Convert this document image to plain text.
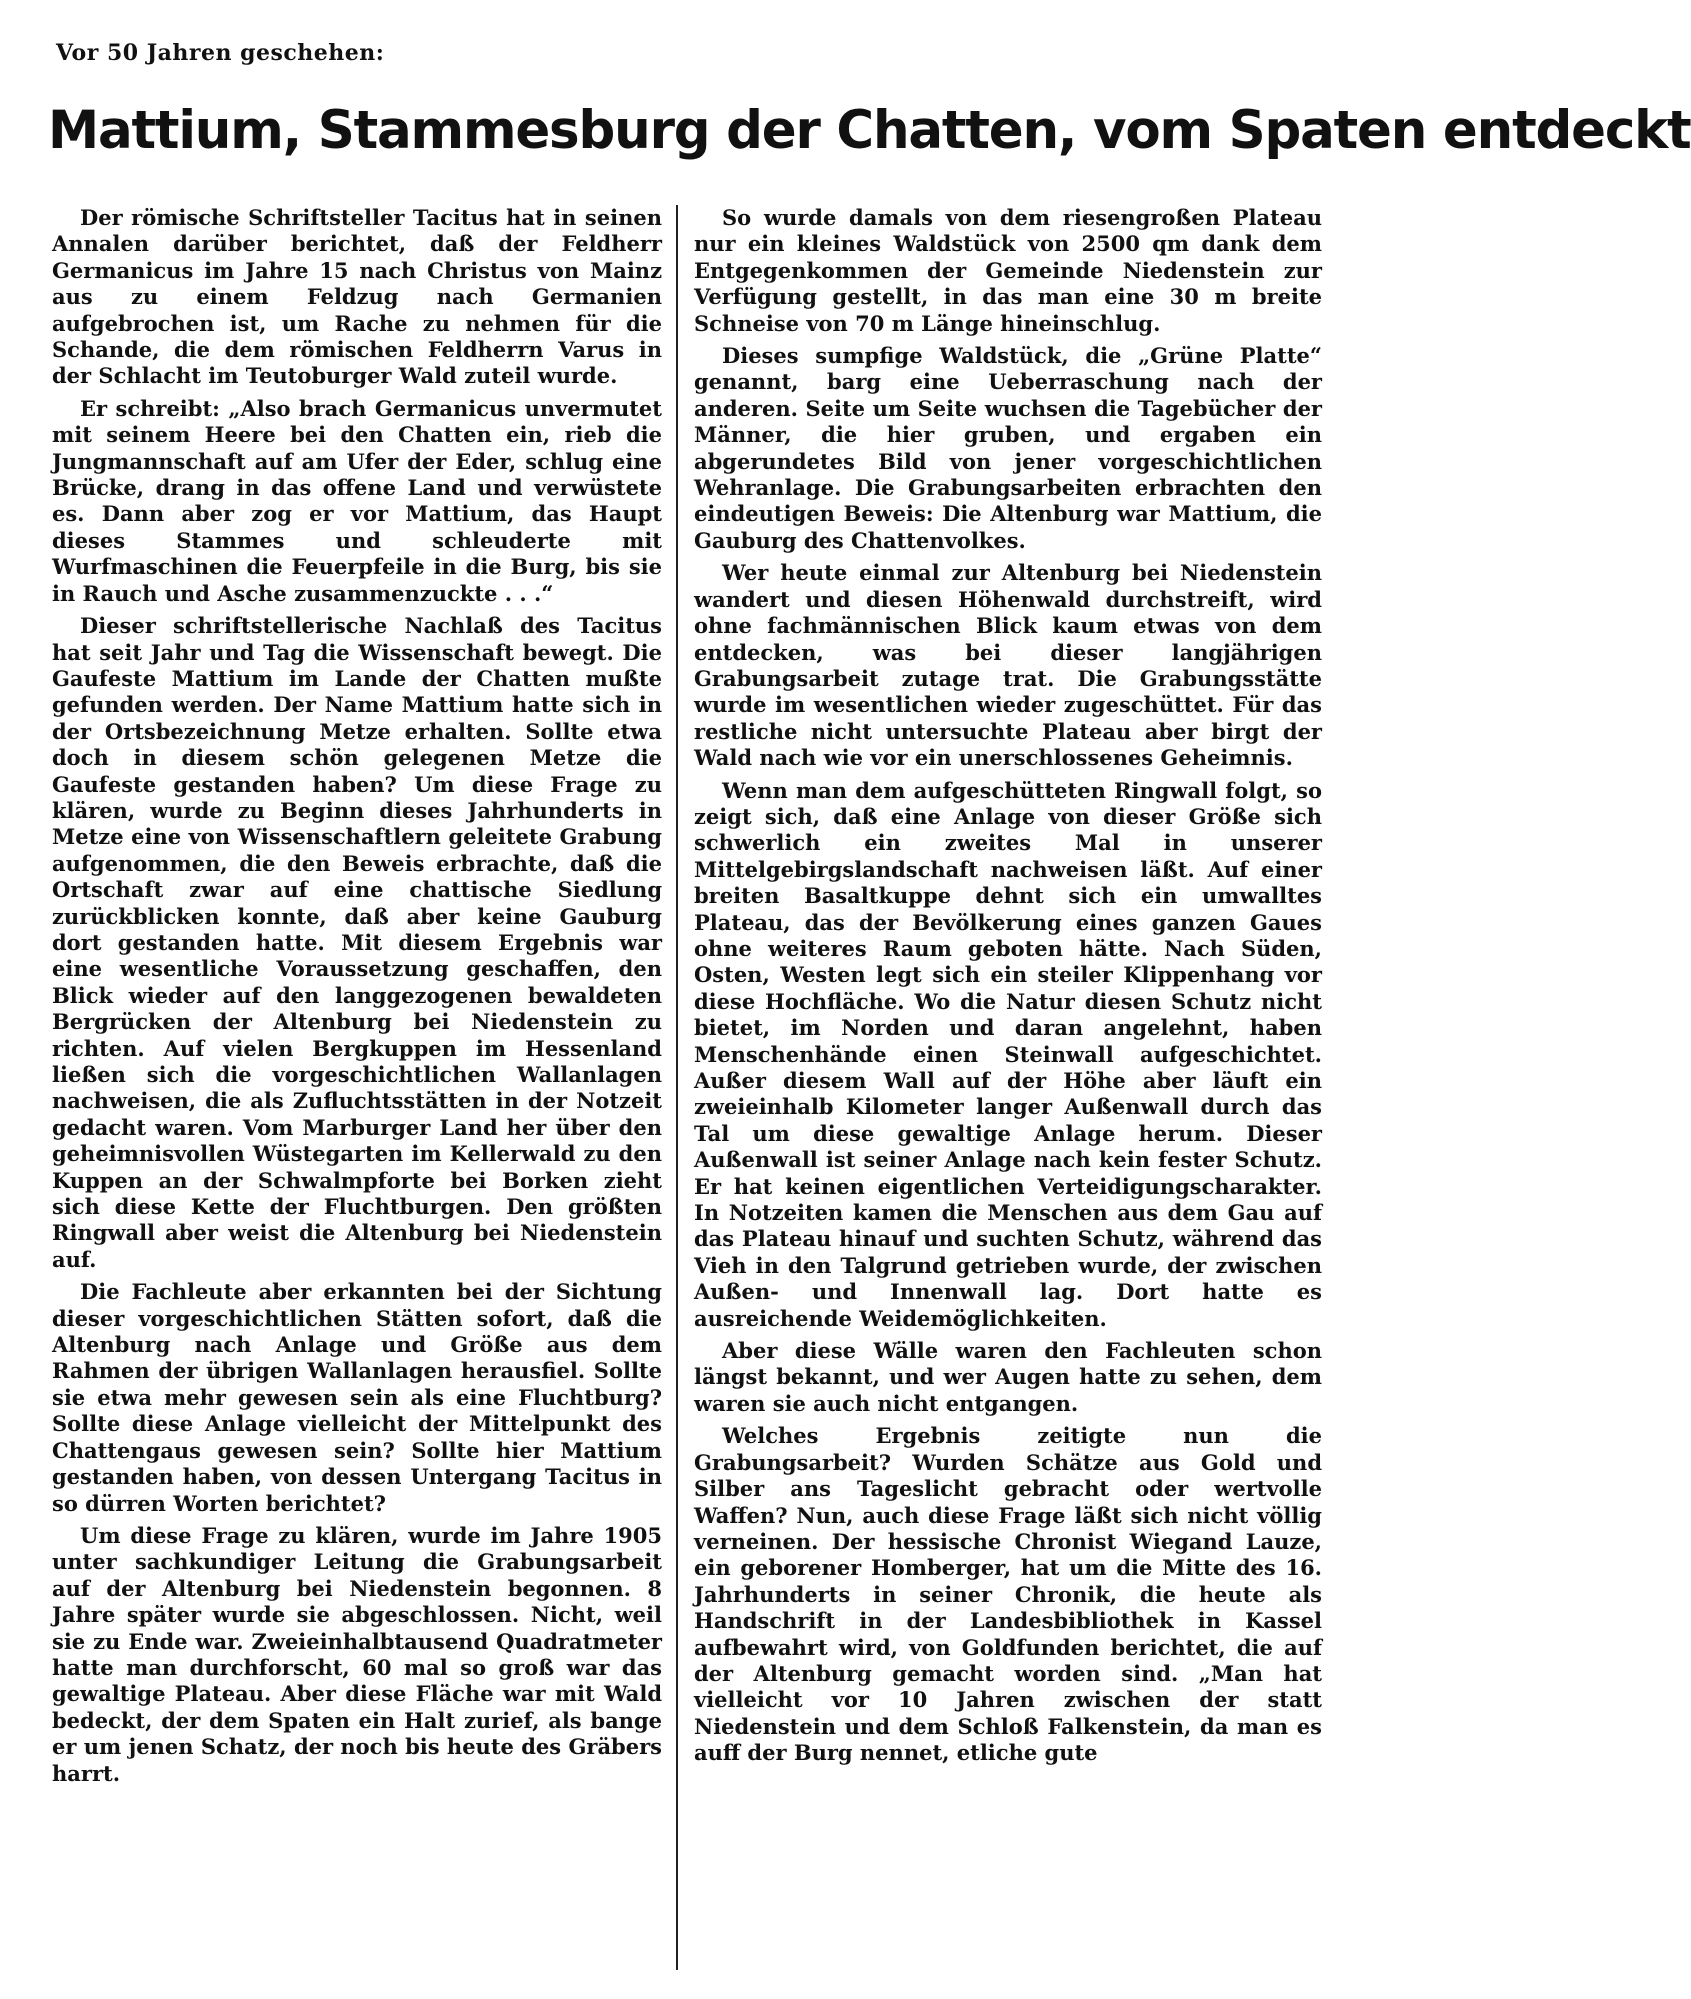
Vor 50 Jahren geschehen:
Mattium, Stammesburg der Chatten, vom Spaten entdeckt

Der römische Schriftsteller Tacitus hat in seinen Annalen darüber berichtet, daß der Feldherr Germanicus im Jahre 15 nach Christus von Mainz aus zu einem Feldzug nach Germanien aufgebrochen ist, um Rache zu nehmen für die Schande, die dem römischen Feldherrn Varus in der Schlacht im Teutoburger Wald zuteil wurde.

Er schreibt: „Also brach Germanicus unvermutet mit seinem Heere bei den Chatten ein, rieb die Jungmannschaft auf am Ufer der Eder, schlug eine Brücke, drang in das offene Land und verwüstete es. Dann aber zog er vor Mattium, das Haupt dieses Stammes und schleuderte mit Wurfmaschinen die Feuerpfeile in die Burg, bis sie in Rauch und Asche zusammenzuckte . . .“

Dieser schriftstellerische Nachlaß des Tacitus hat seit Jahr und Tag die Wissenschaft bewegt. Die Gaufeste Mattium im Lande der Chatten mußte gefunden werden. Der Name Mattium hatte sich in der Ortsbezeichnung Metze erhalten. Sollte etwa doch in diesem schön gelegenen Metze die Gaufeste gestanden haben? Um diese Frage zu klären, wurde zu Beginn dieses Jahrhunderts in Metze eine von Wissenschaftlern geleitete Grabung aufgenommen, die den Beweis erbrachte, daß die Ortschaft zwar auf eine chattische Siedlung zurückblicken konnte, daß aber keine Gauburg dort gestanden hatte. Mit diesem Ergebnis war eine wesentliche Voraussetzung geschaffen, den Blick wieder auf den langgezogenen bewaldeten Bergrücken der Altenburg bei Niedenstein zu richten. Auf vielen Bergkuppen im Hessenland ließen sich die vorgeschichtlichen Wallanlagen nachweisen, die als Zufluchtsstätten in der Notzeit gedacht waren. Vom Marburger Land her über den geheimnisvollen Wüstegarten im Kellerwald zu den Kuppen an der Schwalmpforte bei Borken zieht sich diese Kette der Fluchtburgen. Den größten Ringwall aber weist die Altenburg bei Niedenstein auf.

Die Fachleute aber erkannten bei der Sichtung dieser vorgeschichtlichen Stätten sofort, daß die Altenburg nach Anlage und Größe aus dem Rahmen der übrigen Wallanlagen herausfiel. Sollte sie etwa mehr gewesen sein als eine Fluchtburg? Sollte diese Anlage vielleicht der Mittelpunkt des Chattengaus gewesen sein? Sollte hier Mattium gestanden haben, von dessen Untergang Tacitus in so dürren Worten berichtet?

Um diese Frage zu klären, wurde im Jahre 1905 unter sachkundiger Leitung die Grabungsarbeit auf der Altenburg bei Niedenstein begonnen. 8 Jahre später wurde sie abgeschlossen. Nicht, weil sie zu Ende war. Zweieinhalbtausend Quadratmeter hatte man durchforscht, 60 mal so groß war das gewaltige Plateau. Aber diese Fläche war mit Wald bedeckt, der dem Spaten ein Halt zurief, als bange er um jenen Schatz, der noch bis heute des Gräbers harrt.

So wurde damals von dem riesengroßen Plateau nur ein kleines Waldstück von 2500 qm dank dem Entgegenkommen der Gemeinde Niedenstein zur Verfügung gestellt, in das man eine 30 m breite Schneise von 70 m Länge hineinschlug.

Dieses sumpfige Waldstück, die „Grüne Platte“ genannt, barg eine Ueberraschung nach der anderen. Seite um Seite wuchsen die Tagebücher der Männer, die hier gruben, und ergaben ein abgerundetes Bild von jener vorgeschichtlichen Wehranlage. Die Grabungsarbeiten erbrachten den eindeutigen Beweis: Die Altenburg war Mattium, die Gauburg des Chattenvolkes.

Wer heute einmal zur Altenburg bei Niedenstein wandert und diesen Höhenwald durchstreift, wird ohne fachmännischen Blick kaum etwas von dem entdecken, was bei dieser langjährigen Grabungsarbeit zutage trat. Die Grabungsstätte wurde im wesentlichen wieder zugeschüttet. Für das restliche nicht untersuchte Plateau aber birgt der Wald nach wie vor ein unerschlossenes Geheimnis.

Wenn man dem aufgeschütteten Ringwall folgt, so zeigt sich, daß eine Anlage von dieser Größe sich schwerlich ein zweites Mal in unserer Mittelgebirgslandschaft nachweisen läßt. Auf einer breiten Basaltkuppe dehnt sich ein umwalltes Plateau, das der Bevölkerung eines ganzen Gaues ohne weiteres Raum geboten hätte. Nach Süden, Osten, Westen legt sich ein steiler Klippenhang vor diese Hochfläche. Wo die Natur diesen Schutz nicht bietet, im Norden und daran angelehnt, haben Menschenhände einen Steinwall aufgeschichtet. Außer diesem Wall auf der Höhe aber läuft ein zweieinhalb Kilometer langer Außenwall durch das Tal um diese gewaltige Anlage herum. Dieser Außenwall ist seiner Anlage nach kein fester Schutz. Er hat keinen eigentlichen Verteidigungscharakter. In Notzeiten kamen die Menschen aus dem Gau auf das Plateau hinauf und suchten Schutz, während das Vieh in den Talgrund getrieben wurde, der zwischen Außen- und Innenwall lag. Dort hatte es ausreichende Weidemöglichkeiten.

Aber diese Wälle waren den Fachleuten schon längst bekannt, und wer Augen hatte zu sehen, dem waren sie auch nicht entgangen.

Welches Ergebnis zeitigte nun die Grabungsarbeit? Wurden Schätze aus Gold und Silber ans Tageslicht gebracht oder wertvolle Waffen? Nun, auch diese Frage läßt sich nicht völlig verneinen. Der hessische Chronist Wiegand Lauze, ein geborener Homberger, hat um die Mitte des 16. Jahrhunderts in seiner Chronik, die heute als Handschrift in der Landesbibliothek in Kassel aufbewahrt wird, von Goldfunden berichtet, die auf der Altenburg gemacht worden sind. „Man hat vielleicht vor 10 Jahren zwischen der statt Niedenstein und dem Schloß Falkenstein, da man es auff der Burg nennet, etliche gute
